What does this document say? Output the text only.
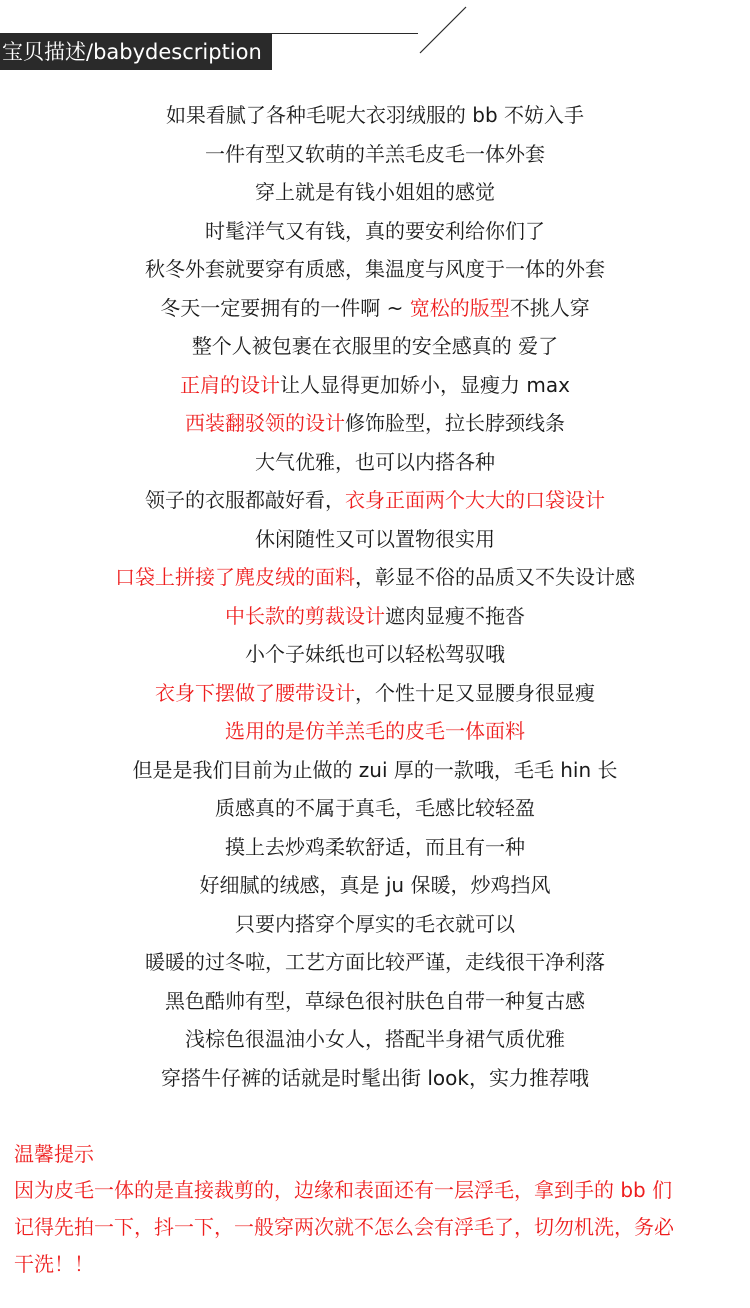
宝贝描述/babydescription
如果看腻了各种毛呢大衣羽绒服的 bb 不妨入手
一件有型又软萌的羊羔毛皮毛一体外套
穿上就是有钱小姐姐的感觉
时髦洋气又有钱，真的要安利给你们了
秋冬外套就要穿有质感，集温度与风度于一体的外套
冬天一定要拥有的一件啊 ~ 宽松的版型不挑人穿
整个人被包裹在衣服里的安全感真的 爱了
正肩的设计让人显得更加娇小，显瘦力 max
西装翻驳领的设计修饰脸型，拉长脖颈线条
大气优雅，也可以内搭各种
领子的衣服都敲好看，衣身正面两个大大的口袋设计
休闲随性又可以置物很实用
口袋上拼接了麂皮绒的面料，彰显不俗的品质又不失设计感
中长款的剪裁设计遮肉显瘦不拖沓
小个子妹纸也可以轻松驾驭哦
衣身下摆做了腰带设计，个性十足又显腰身很显瘦
选用的是仿羊羔毛的皮毛一体面料
但是是我们目前为止做的 zui 厚的一款哦，毛毛 hin 长
质感真的不属于真毛，毛感比较轻盈
摸上去炒鸡柔软舒适，而且有一种
好细腻的绒感，真是 ju 保暖，炒鸡挡风
只要内搭穿个厚实的毛衣就可以
暖暖的过冬啦，工艺方面比较严谨，走线很干净利落
黑色酷帅有型，草绿色很衬肤色自带一种复古感
浅棕色很温油小女人，搭配半身裙气质优雅
穿搭牛仔裤的话就是时髦出街 look，实力推荐哦
温馨提示
因为皮毛一体的是直接裁剪的，边缘和表面还有一层浮毛，拿到手的 bb 们
记得先拍一下，抖一下，一般穿两次就不怎么会有浮毛了，切勿机洗，务必
干洗！！
